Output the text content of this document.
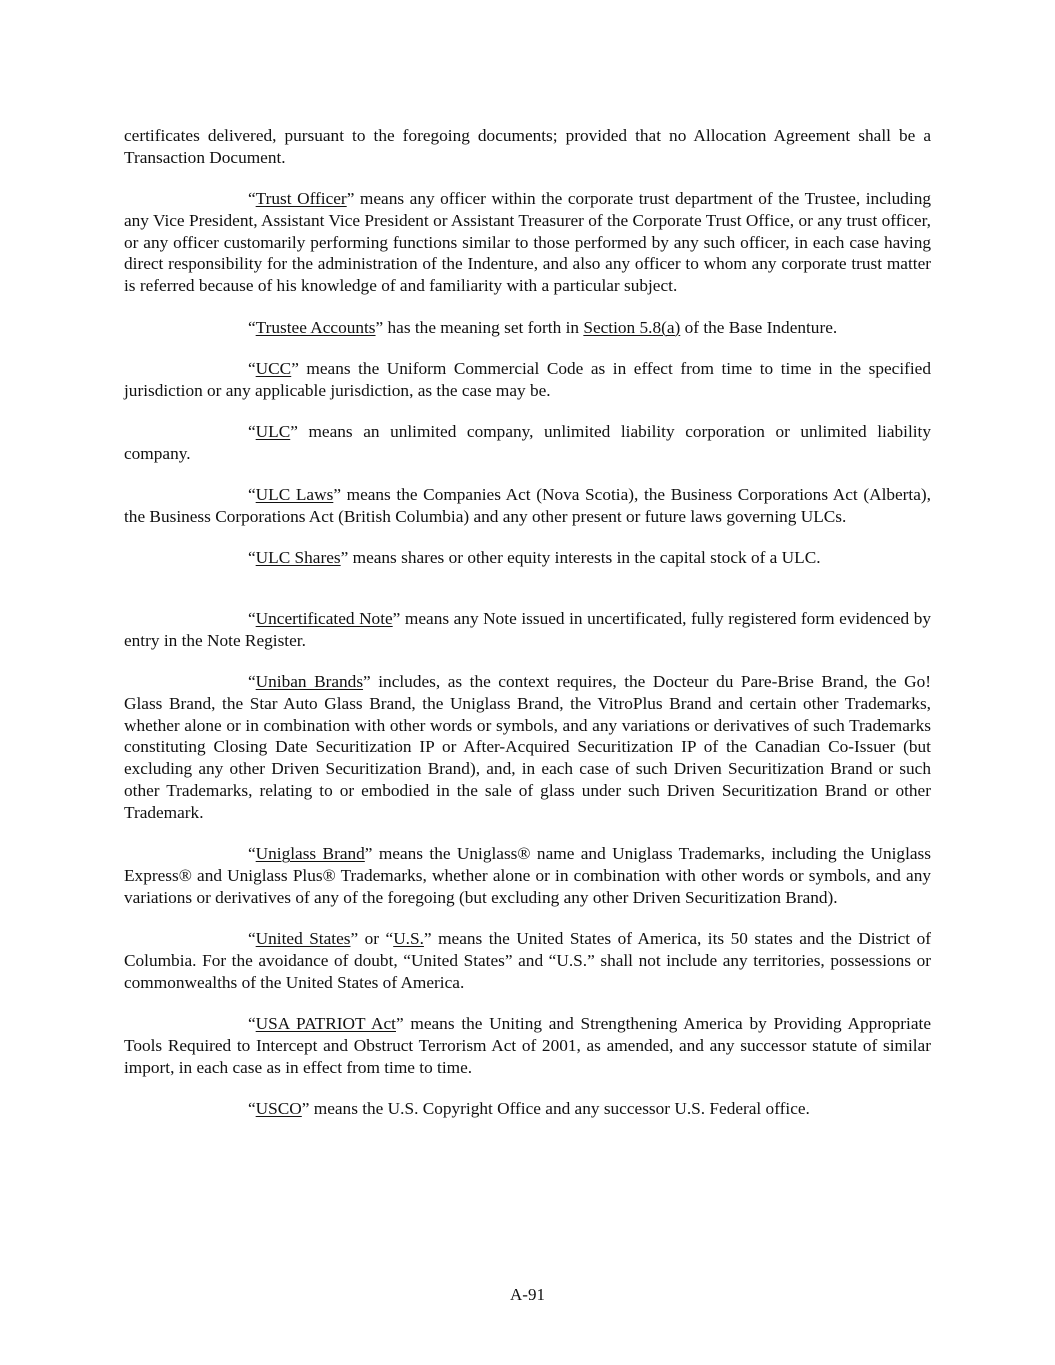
certificates delivered, pursuant to the foregoing documents; provided that no Allocation Agreement shall be a Transaction Document.

“Trust Officer” means any officer within the corporate trust department of the Trustee, including any Vice President, Assistant Vice President or Assistant Treasurer of the Corporate Trust Office, or any trust officer, or any officer customarily performing functions similar to those performed by any such officer, in each case having direct responsibility for the administration of the Indenture, and also any officer to whom any corporate trust matter is referred because of his knowledge of and familiarity with a particular subject.

“Trustee Accounts” has the meaning set forth in Section 5.8(a) of the Base Indenture.

“UCC” means the Uniform Commercial Code as in effect from time to time in the specified jurisdiction or any applicable jurisdiction, as the case may be.

“ULC” means an unlimited company, unlimited liability corporation or unlimited liability company.

“ULC Laws” means the Companies Act (Nova Scotia), the Business Corporations Act (Alberta), the Business Corporations Act (British Columbia) and any other present or future laws governing ULCs.

“ULC Shares” means shares or other equity interests in the capital stock of a ULC.

“Uncertificated Note” means any Note issued in uncertificated, fully registered form evidenced by entry in the Note Register.

“Uniban Brands” includes, as the context requires, the Docteur du Pare-Brise Brand, the Go! Glass Brand, the Star Auto Glass Brand, the Uniglass Brand, the VitroPlus Brand and certain other Trademarks, whether alone or in combination with other words or symbols, and any variations or derivatives of such Trademarks constituting Closing Date Securitization IP or After-Acquired Securitization IP of the Canadian Co-Issuer (but excluding any other Driven Securitization Brand), and, in each case of such Driven Securitization Brand or such other Trademarks, relating to or embodied in the sale of glass under such Driven Securitization Brand or other Trademark.

“Uniglass Brand” means the Uniglass® name and Uniglass Trademarks, including the Uniglass Express® and Uniglass Plus® Trademarks, whether alone or in combination with other words or symbols, and any variations or derivatives of any of the foregoing (but excluding any other Driven Securitization Brand).

“United States” or “U.S.” means the United States of America, its 50 states and the District of Columbia. For the avoidance of doubt, “United States” and “U.S.” shall not include any territories, possessions or commonwealths of the United States of America.

“USA PATRIOT Act” means the Uniting and Strengthening America by Providing Appropriate Tools Required to Intercept and Obstruct Terrorism Act of 2001, as amended, and any successor statute of similar import, in each case as in effect from time to time.

“USCO” means the U.S. Copyright Office and any successor U.S. Federal office.

A-91
